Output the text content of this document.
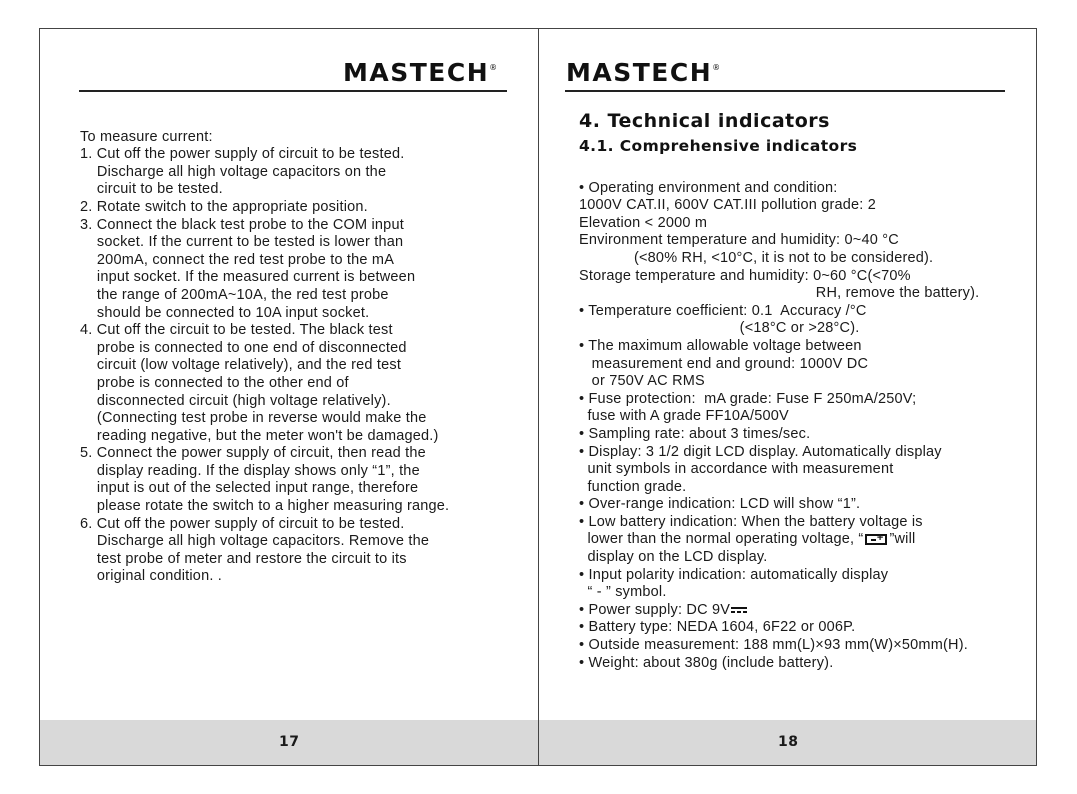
MASTECH®

To measure current:
1. Cut off the power supply of circuit to be tested.
Discharge all high voltage capacitors on the
circuit to be tested.
2. Rotate switch to the appropriate position.
3. Connect the black test probe to the COM input
socket. If the current to be tested is lower than
200mA, connect the red test probe to the mA
input socket. If the measured current is between
the range of 200mA~10A, the red test probe
should be connected to 10A input socket.
4. Cut off the circuit to be tested. The black test
probe is connected to one end of disconnected
circuit (low voltage relatively), and the red test
probe is connected to the other end of
disconnected circuit (high voltage relatively).
(Connecting test probe in reverse would make the
reading negative, but the meter won't be damaged.)
5. Connect the power supply of circuit, then read the
display reading. If the display shows only “1”, the
input is out of the selected input range, therefore
please rotate the switch to a higher measuring range.
6. Cut off the power supply of circuit to be tested.
Discharge all high voltage capacitors. Remove the
test probe of meter and restore the circuit to its
original condition. .

17
MASTECH®
4. Technical indicators
4.1. Comprehensive indicators

• Operating environment and condition:
1000V CAT.II, 600V CAT.III pollution grade: 2
Elevation < 2000 m
Environment temperature and humidity: 0~40 °C
(<80% RH, <10°C, it is not to be considered).
Storage temperature and humidity: 0~60 °C(<70%
RH, remove the battery).
• Temperature coefficient: 0.1  Accuracy /°C
(<18°C or >28°C).
• The maximum allowable voltage between
measurement end and ground: 1000V DC
or 750V AC RMS
• Fuse protection:  mA grade: Fuse F 250mA/250V;
fuse with A grade FF10A/500V
• Sampling rate: about 3 times/sec.
• Display: 3 1/2 digit LCD display. Automatically display
unit symbols in accordance with measurement
function grade.
• Over-range indication: LCD will show “1”.
• Low battery indication: When the battery voltage is
lower than the normal operating voltage, “ + ”will
display on the LCD display.
• Input polarity indication: automatically display
“ - ” symbol.
• Power supply: DC 9V
• Battery type: NEDA 1604, 6F22 or 006P.
• Outside measurement: 188 mm(L)×93 mm(W)×50mm(H).
• Weight: about 380g (include battery).

18
